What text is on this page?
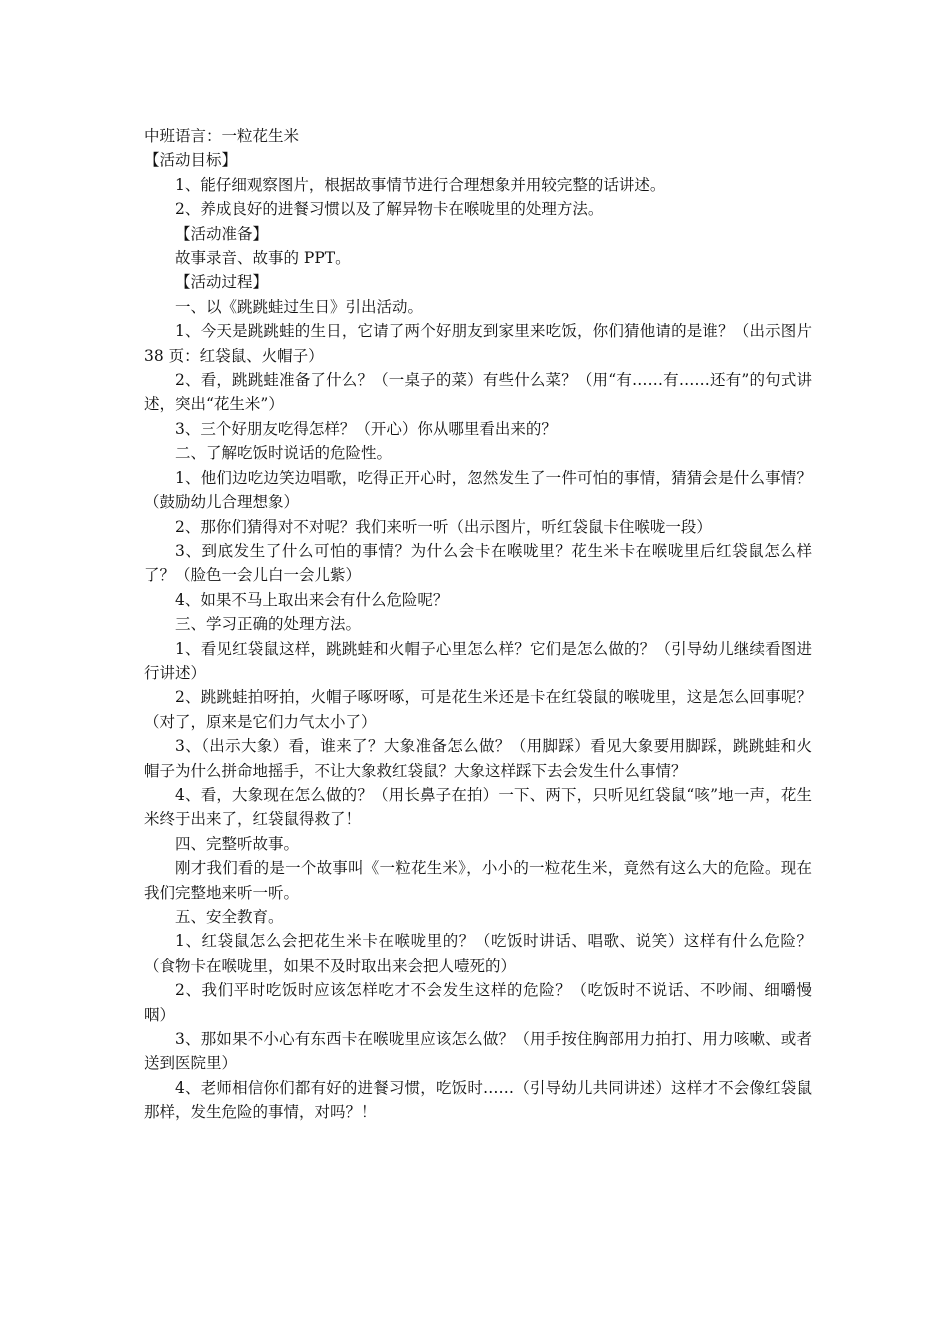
中班语言：一粒花生米
【活动目标】
1、能仔细观察图片，根据故事情节进行合理想象并用较完整的话讲述。
2、养成良好的进餐习惯以及了解异物卡在喉咙里的处理方法。
【活动准备】
故事录音、故事的 PPT。
【活动过程】
一、以《跳跳蛙过生日》引出活动。

1、今天是跳跳蛙的生日，它请了两个好朋友到家里来吃饭，你们猜他请的是谁？（出示图片 38 页：红袋鼠、火帽子）

2、看，跳跳蛙准备了什么？（一桌子的菜）有些什么菜？（用“有……有……还有”的句式讲述，突出“花生米”）

3、三个好朋友吃得怎样？（开心）你从哪里看出来的？

二、了解吃饭时说话的危险性。

1、他们边吃边笑边唱歌，吃得正开心时，忽然发生了一件可怕的事情，猜猜会是什么事情？（鼓励幼儿合理想象）

2、那你们猜得对不对呢？我们来听一听（出示图片，听红袋鼠卡住喉咙一段）

3、到底发生了什么可怕的事情？为什么会卡在喉咙里？花生米卡在喉咙里后红袋鼠怎么样了？（脸色一会儿白一会儿紫）

4、如果不马上取出来会有什么危险呢？

三、学习正确的处理方法。

1、看见红袋鼠这样，跳跳蛙和火帽子心里怎么样？它们是怎么做的？（引导幼儿继续看图进行讲述）

2、跳跳蛙拍呀拍，火帽子啄呀啄，可是花生米还是卡在红袋鼠的喉咙里，这是怎么回事呢？（对了，原来是它们力气太小了）

3、（出示大象）看，谁来了？大象准备怎么做？（用脚踩）看见大象要用脚踩，跳跳蛙和火帽子为什么拼命地摇手，不让大象救红袋鼠？大象这样踩下去会发生什么事情？

4、看，大象现在怎么做的？（用长鼻子在拍）一下、两下，只听见红袋鼠“咳”地一声，花生米终于出来了，红袋鼠得救了！

四、完整听故事。

刚才我们看的是一个故事叫《一粒花生米》，小小的一粒花生米，竟然有这么大的危险。现在我们完整地来听一听。

五、安全教育。

1、红袋鼠怎么会把花生米卡在喉咙里的？（吃饭时讲话、唱歌、说笑）这样有什么危险？（食物卡在喉咙里，如果不及时取出来会把人噎死的）

2、我们平时吃饭时应该怎样吃才不会发生这样的危险？（吃饭时不说话、不吵闹、细嚼慢咽）

3、那如果不小心有东西卡在喉咙里应该怎么做？（用手按住胸部用力拍打、用力咳嗽、或者送到医院里）

4、老师相信你们都有好的进餐习惯，吃饭时……（引导幼儿共同讲述）这样才不会像红袋鼠那样，发生危险的事情，对吗？！
